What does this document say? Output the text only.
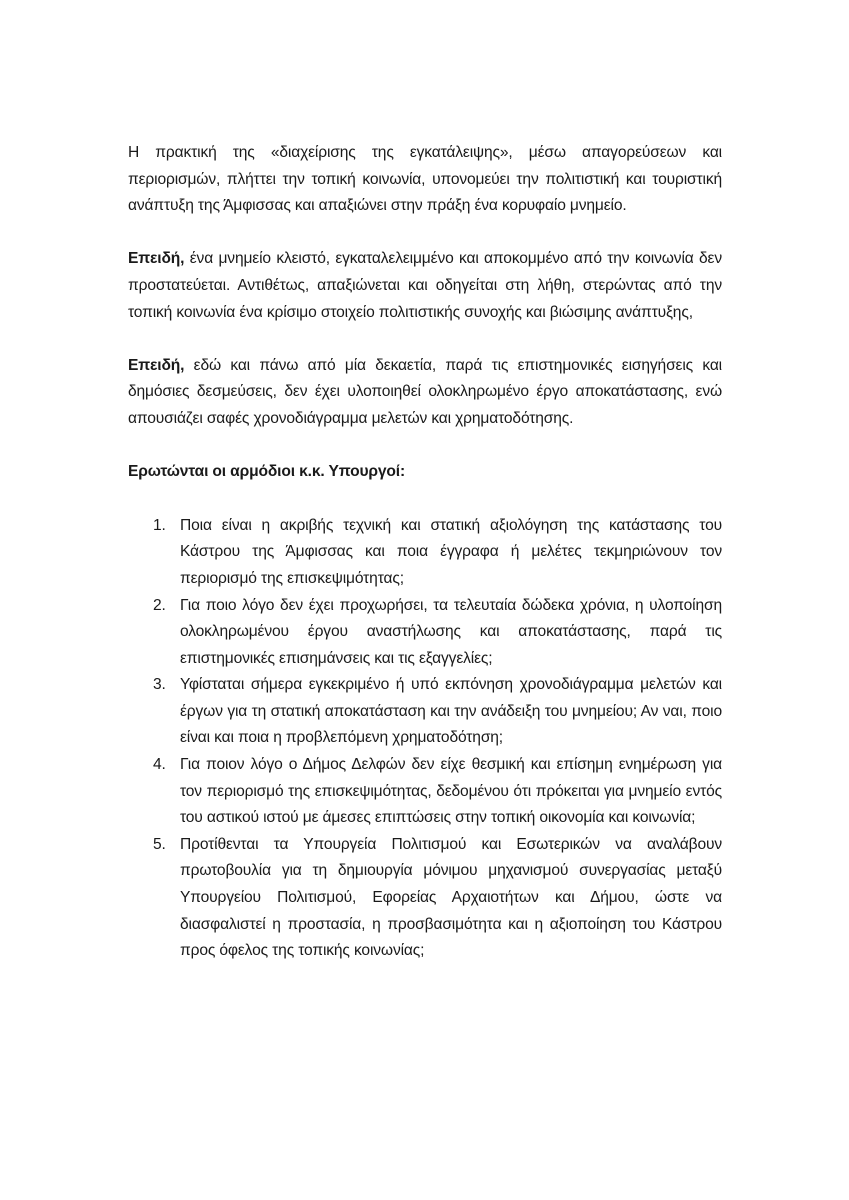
Η πρακτική της «διαχείρισης της εγκατάλειψης», μέσω απαγορεύσεων και περιορισμών, πλήττει την τοπική κοινωνία, υπονομεύει την πολιτιστική και τουριστική ανάπτυξη της Άμφισσας και απαξιώνει στην πράξη ένα κορυφαίο μνημείο.

Επειδή, ένα μνημείο κλειστό, εγκαταλελειμμένο και αποκομμένο από την κοινωνία δεν προστατεύεται. Αντιθέτως, απαξιώνεται και οδηγείται στη λήθη, στερώντας από την τοπική κοινωνία ένα κρίσιμο στοιχείο πολιτιστικής συνοχής και βιώσιμης ανάπτυξης,

Επειδή, εδώ και πάνω από μία δεκαετία, παρά τις επιστημονικές εισηγήσεις και δημόσιες δεσμεύσεις, δεν έχει υλοποιηθεί ολοκληρωμένο έργο αποκατάστασης, ενώ απουσιάζει σαφές χρονοδιάγραμμα μελετών και χρηματοδότησης.

Ερωτώνται οι αρμόδιοι κ.κ. Υπουργοί:

1. Ποια είναι η ακριβής τεχνική και στατική αξιολόγηση της κατάστασης του Κάστρου της Άμφισσας και ποια έγγραφα ή μελέτες τεκμηριώνουν τον περιορισμό της επισκεψιμότητας;
2. Για ποιο λόγο δεν έχει προχωρήσει, τα τελευταία δώδεκα χρόνια, η υλοποίηση ολοκληρωμένου έργου αναστήλωσης και αποκατάστασης, παρά τις επιστημονικές επισημάνσεις και τις εξαγγελίες;
3. Υφίσταται σήμερα εγκεκριμένο ή υπό εκπόνηση χρονοδιάγραμμα μελετών και έργων για τη στατική αποκατάσταση και την ανάδειξη του μνημείου; Αν ναι, ποιο είναι και ποια η προβλεπόμενη χρηματοδότηση;
4. Για ποιον λόγο ο Δήμος Δελφών δεν είχε θεσμική και επίσημη ενημέρωση για τον περιορισμό της επισκεψιμότητας, δεδομένου ότι πρόκειται για μνημείο εντός του αστικού ιστού με άμεσες επιπτώσεις στην τοπική οικονομία και κοινωνία;
5. Προτίθενται τα Υπουργεία Πολιτισμού και Εσωτερικών να αναλάβουν πρωτοβουλία για τη δημιουργία μόνιμου μηχανισμού συνεργασίας μεταξύ Υπουργείου Πολιτισμού, Εφορείας Αρχαιοτήτων και Δήμου, ώστε να διασφαλιστεί η προστασία, η προσβασιμότητα και η αξιοποίηση του Κάστρου προς όφελος της τοπικής κοινωνίας;
